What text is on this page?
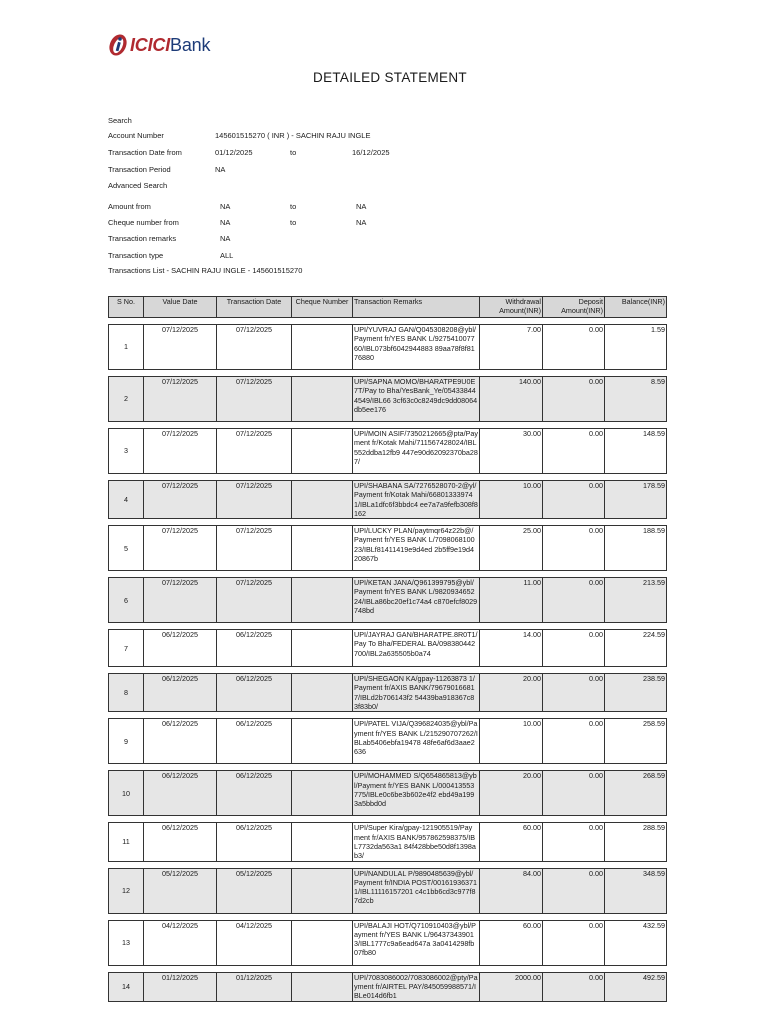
ICICIBank
DETAILED STATEMENT
Search
Account Number	145601515270 ( INR ) - SACHIN RAJU INGLE
Transaction Date from	01/12/2025	to	16/12/2025
Transaction Period	NA
Advanced Search
Amount from	NA	to	NA
Cheque number from	NA	to	NA
Transaction remarks	NA
Transaction type	ALL
Transactions List - SACHIN RAJU INGLE - 145601515270
S No.	Value Date	Transaction Date	Cheque Number	Transaction Remarks	Withdrawal Amount(INR)	Deposit Amount(INR)	Balance(INR)
1	07/12/2025	07/12/2025		UPI/YUVRAJ GAN/Q045308208@ybl/Payment fr/YES BANK L/927541007760/IBL073bf6042944883 89aa78f8f8176880	7.00	0.00	1.59
2	07/12/2025	07/12/2025		UPI/SAPNA MOMO/BHARATPE9U0E7T/Pay to Bha/YesBank_Ye/054338444549/IBL66 3cf63c0c8249dc9dd08064db5ee176	140.00	0.00	8.59
3	07/12/2025	07/12/2025		UPI/MOIN ASIF/7350212665@pta/Payment fr/Kotak Mahi/711567428024/IBL552ddba12fb9 447e90d62092370ba287/	30.00	0.00	148.59
4	07/12/2025	07/12/2025		UPI/SHABANA SA/7276528070-2@yl/Payment fr/Kotak Mahi/668013339741/IBLa1dfc6f3bbdc4 ee7a7a9fefb308f8162	10.00	0.00	178.59
5	07/12/2025	07/12/2025		UPI/LUCKY PLAN/paytmqr64z22b@/Payment fr/YES BANK L/709806810023/IBLf81411419e9d4ed 2b5ff9e19d420867b	25.00	0.00	188.59
6	07/12/2025	07/12/2025		UPI/KETAN JANA/Q961399795@ybl/Payment fr/YES BANK L/982093465224/IBLa86bc20ef1c74a4 c870efcf8029748bd	11.00	0.00	213.59
7	06/12/2025	06/12/2025		UPI/JAYRAJ GAN/BHARATPE.8R0T1/Pay To Bha/FEDERAL BA/098380442700/IBL2a635505b0a74	14.00	0.00	224.59
8	06/12/2025	06/12/2025		UPI/SHEGAON KA/gpay-11263873 1/Payment fr/AXIS BANK/796790166817/IBLd2b706143f2 54439ba918367c83f83b0/	20.00	0.00	238.59
9	06/12/2025	06/12/2025		UPI/PATEL VIJA/Q396824035@ybl/Payment fr/YES BANK L/215290707262/IBLab5406ebfa19478 48fe6af6d3aae2636	10.00	0.00	258.59
10	06/12/2025	06/12/2025		UPI/MOHAMMED S/Q654865813@ybl/Payment fr/YES BANK L/000413553775/IBLe0c6be3b602e4f2 ebd49a1993a5bbd0d	20.00	0.00	268.59
11	06/12/2025	06/12/2025		UPI/Super Kira/gpay-121905519/Payment fr/AXIS BANK/957862598375/IBL7732da563a1 84f428bbe50d8f1398ab3/	60.00	0.00	288.59
12	05/12/2025	05/12/2025		UPI/NANDULAL P/9890485639@ybl/Payment fr/INDIA POST/001619363711/IBL11116157201 c4c1bb6cd3c977f87d2cb	84.00	0.00	348.59
13	04/12/2025	04/12/2025		UPI/BALAJI HOT/Q710910403@ybl/Payment fr/YES BANK L/964373439013/IBL1777c9a6ead647a 3a0414298fb07fb80	60.00	0.00	432.59
14	01/12/2025	01/12/2025		UPI/7083086002/7083086002@pty/Payment fr/AIRTEL PAY/845059988571/IBLe014d6fb1	2000.00	0.00	492.59
